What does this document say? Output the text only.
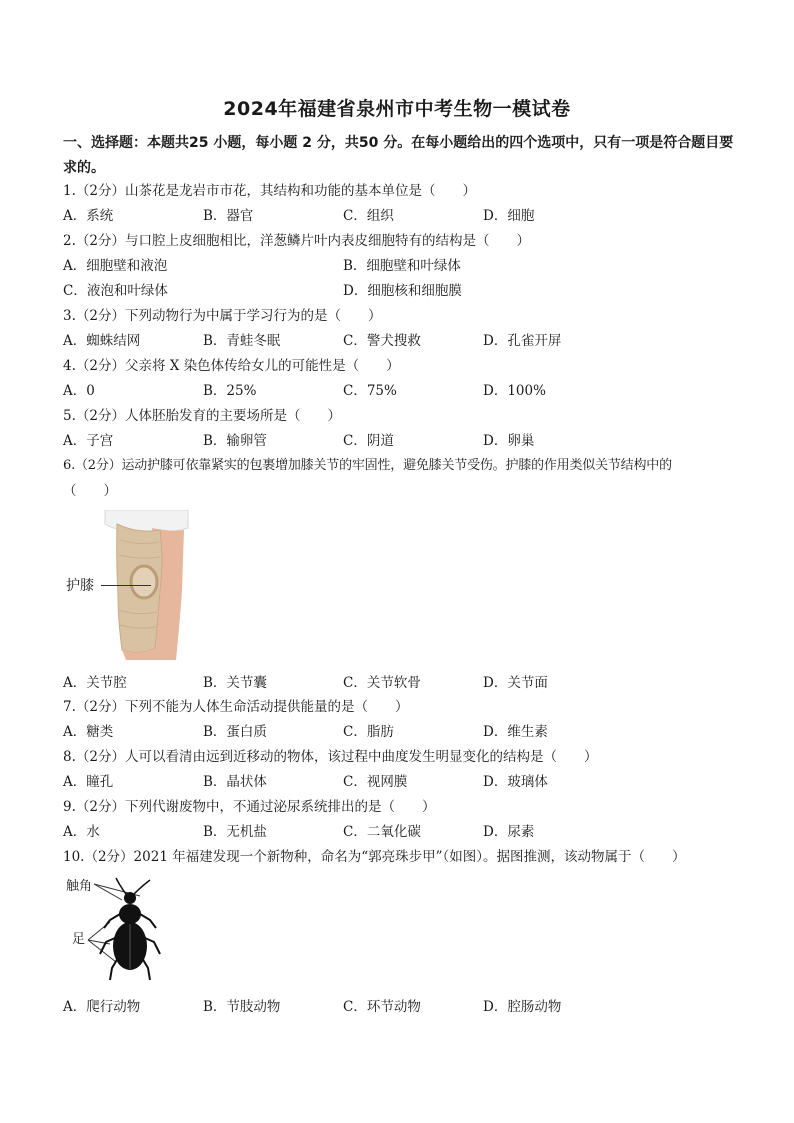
2024年福建省泉州市中考生物一模试卷
一、选择题：本题共25 小题，每小题 2 分，共50 分。在每小题给出的四个选项中，只有一项是符合题目要求的。
1.（2分）山茶花是龙岩市市花，其结构和功能的基本单位是（　　）
A．系统	B．器官	C．组织	D．细胞
2.（2分）与口腔上皮细胞相比，洋葱鳞片叶内表皮细胞特有的结构是（　　）
A．细胞壁和液泡	B．细胞壁和叶绿体
C．液泡和叶绿体	D．细胞核和细胞膜
3.（2分）下列动物行为中属于学习行为的是（　　）
A．蜘蛛结网	B．青蛙冬眠	C．警犬搜救	D．孔雀开屏
4.（2分）父亲将 X 染色体传给女儿的可能性是（　　）
A．0	B．25%	C．75%	D．100%
5.（2分）人体胚胎发育的主要场所是（　　）
A．子宫	B．输卵管	C．阴道	D．卵巢
6.（2分）运动护膝可依靠紧实的包裹增加膝关节的牢固性，避免膝关节受伤。护膝的作用类似关节结构中的
（　　）
护膝
A．关节腔	B．关节囊	C．关节软骨	D．关节面
7.（2分）下列不能为人体生命活动提供能量的是（　　）
A．糖类	B．蛋白质	C．脂肪	D．维生素
8.（2分）人可以看清由远到近移动的物体，该过程中曲度发生明显变化的结构是（　　）
A．瞳孔	B．晶状体	C．视网膜	D．玻璃体
9.（2分）下列代谢废物中，不通过泌尿系统排出的是（　　）
A．水	B．无机盐	C．二氧化碳	D．尿素
10.（2分）2021 年福建发现一个新物种，命名为“郭亮珠步甲”（如图）。据图推测，该动物属于（　　）
触角
足
A．爬行动物	B．节肢动物	C．环节动物	D．腔肠动物
